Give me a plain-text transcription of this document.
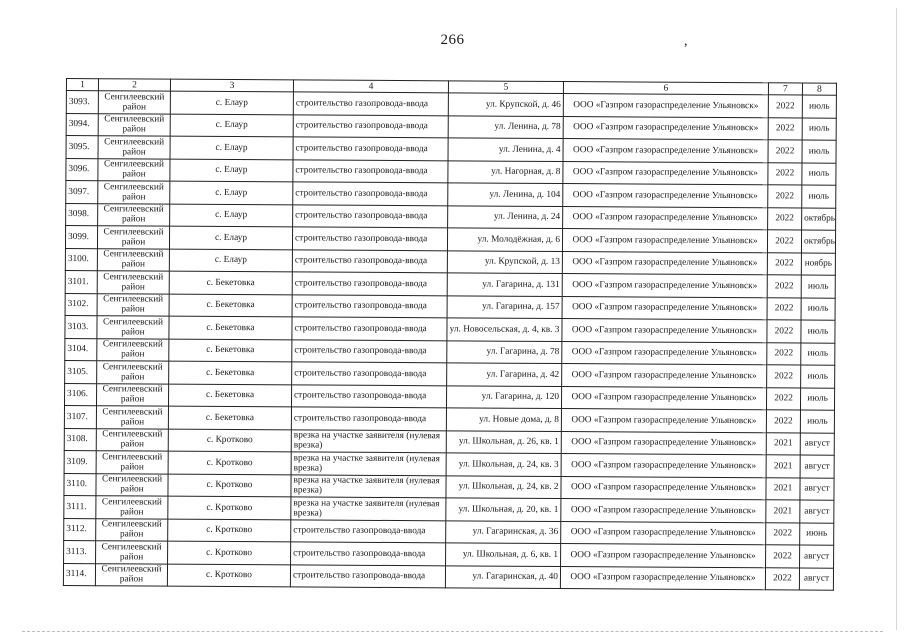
266	,
1	2	3	4	5	6	7	8
3093.	Сенгилеевский район	с. Елаур	строительство газопровода-ввода	ул. Крупской, д. 46	ООО «Газпром газораспределение Ульяновск»	2022	июль
3094.	Сенгилеевский район	с. Елаур	строительство газопровода-ввода	ул. Ленина, д. 78	ООО «Газпром газораспределение Ульяновск»	2022	июль
3095.	Сенгилеевский район	с. Елаур	строительство газопровода-ввода	ул. Ленина, д. 4	ООО «Газпром газораспределение Ульяновск»	2022	июль
3096.	Сенгилеевский район	с. Елаур	строительство газопровода-ввода	ул. Нагорная, д. 8	ООО «Газпром газораспределение Ульяновск»	2022	июль
3097.	Сенгилеевский район	с. Елаур	строительство газопровода-ввода	ул. Ленина, д. 104	ООО «Газпром газораспределение Ульяновск»	2022	июль
3098.	Сенгилеевский район	с. Елаур	строительство газопровода-ввода	ул. Ленина, д. 24	ООО «Газпром газораспределение Ульяновск»	2022	октябрь
3099.	Сенгилеевский район	с. Елаур	строительство газопровода-ввода	ул. Молодёжная, д. 6	ООО «Газпром газораспределение Ульяновск»	2022	октябрь
3100.	Сенгилеевский район	с. Елаур	строительство газопровода-ввода	ул. Крупской, д. 13	ООО «Газпром газораспределение Ульяновск»	2022	ноябрь
3101.	Сенгилеевский район	с. Бекетовка	строительство газопровода-ввода	ул. Гагарина, д. 131	ООО «Газпром газораспределение Ульяновск»	2022	июль
3102.	Сенгилеевский район	с. Бекетовка	строительство газопровода-ввода	ул. Гагарина, д. 157	ООО «Газпром газораспределение Ульяновск»	2022	июль
3103.	Сенгилеевский район	с. Бекетовка	строительство газопровода-ввода	ул. Новосельская, д. 4, кв. 3	ООО «Газпром газораспределение Ульяновск»	2022	июль
3104.	Сенгилеевский район	с. Бекетовка	строительство газопровода-ввода	ул. Гагарина, д. 78	ООО «Газпром газораспределение Ульяновск»	2022	июль
3105.	Сенгилеевский район	с. Бекетовка	строительство газопровода-ввода	ул. Гагарина, д. 42	ООО «Газпром газораспределение Ульяновск»	2022	июль
3106.	Сенгилеевский район	с. Бекетовка	строительство газопровода-ввода	ул. Гагарина, д. 120	ООО «Газпром газораспределение Ульяновск»	2022	июль
3107.	Сенгилеевский район	с. Бекетовка	строительство газопровода-ввода	ул. Новые дома, д. 8	ООО «Газпром газораспределение Ульяновск»	2022	июль
3108.	Сенгилеевский район	с. Кротково	врезка на участке заявителя (нулевая врезка)	ул. Школьная, д. 26, кв. 1	ООО «Газпром газораспределение Ульяновск»	2021	август
3109.	Сенгилеевский район	с. Кротково	врезка на участке заявителя (нулевая врезка)	ул. Школьная, д. 24, кв. 3	ООО «Газпром газораспределение Ульяновск»	2021	август
3110.	Сенгилеевский район	с. Кротково	врезка на участке заявителя (нулевая врезка)	ул. Школьная, д. 24, кв. 2	ООО «Газпром газораспределение Ульяновск»	2021	август
3111.	Сенгилеевский район	с. Кротково	врезка на участке заявителя (нулевая врезка)	ул. Школьная, д. 20, кв. 1	ООО «Газпром газораспределение Ульяновск»	2021	август
3112.	Сенгилеевский район	с. Кротково	строительство газопровода-ввода	ул. Гагаринская, д. 36	ООО «Газпром газораспределение Ульяновск»	2022	июнь
3113.	Сенгилеевский район	с. Кротково	строительство газопровода-ввода	ул. Школьная, д. 6, кв. 1	ООО «Газпром газораспределение Ульяновск»	2022	август
3114.	Сенгилеевский район	с. Кротково	строительство газопровода-ввода	ул. Гагаринская, д. 40	ООО «Газпром газораспределение Ульяновск»	2022	август
